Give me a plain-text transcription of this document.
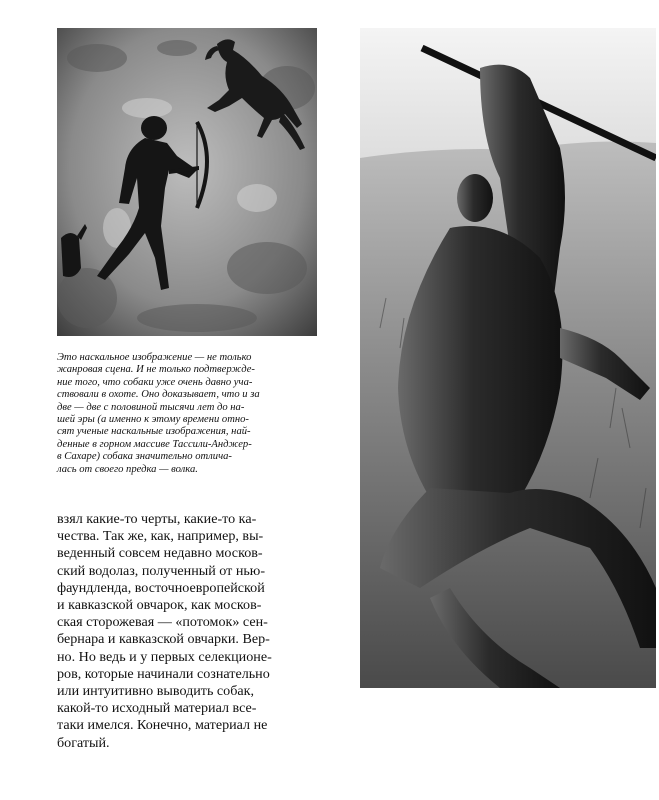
Это наскальное изображение — не только
жанровая сцена. И не только подтвержде-
ние того, что собаки уже очень давно уча-
ствовали в охоте. Оно доказывает, что и за
две — две с половиной тысячи лет до на-
шей эры (а именно к этому времени отно-
сят ученые наскальные изображения, най-
денные в горном массиве Тассили-Анджер-
в Сахаре) собака значительно отлича-
лась от своего предка — волка.
взял какие-то черты, какие-то ка-
чества. Так же, как, например, вы-
веденный совсем недавно москов-
ский водолаз, полученный от нью-
фаундленда, восточноевропейской
и кавказской овчарок, как москов-
ская сторожевая — «потомок» сен-
бернара и кавказской овчарки. Вер-
но. Но ведь и у первых селекционе-
ров, которые начинали сознательно
или интуитивно выводить собак,
какой-то исходный материал все-
таки имелся. Конечно, материал не
богатый.
